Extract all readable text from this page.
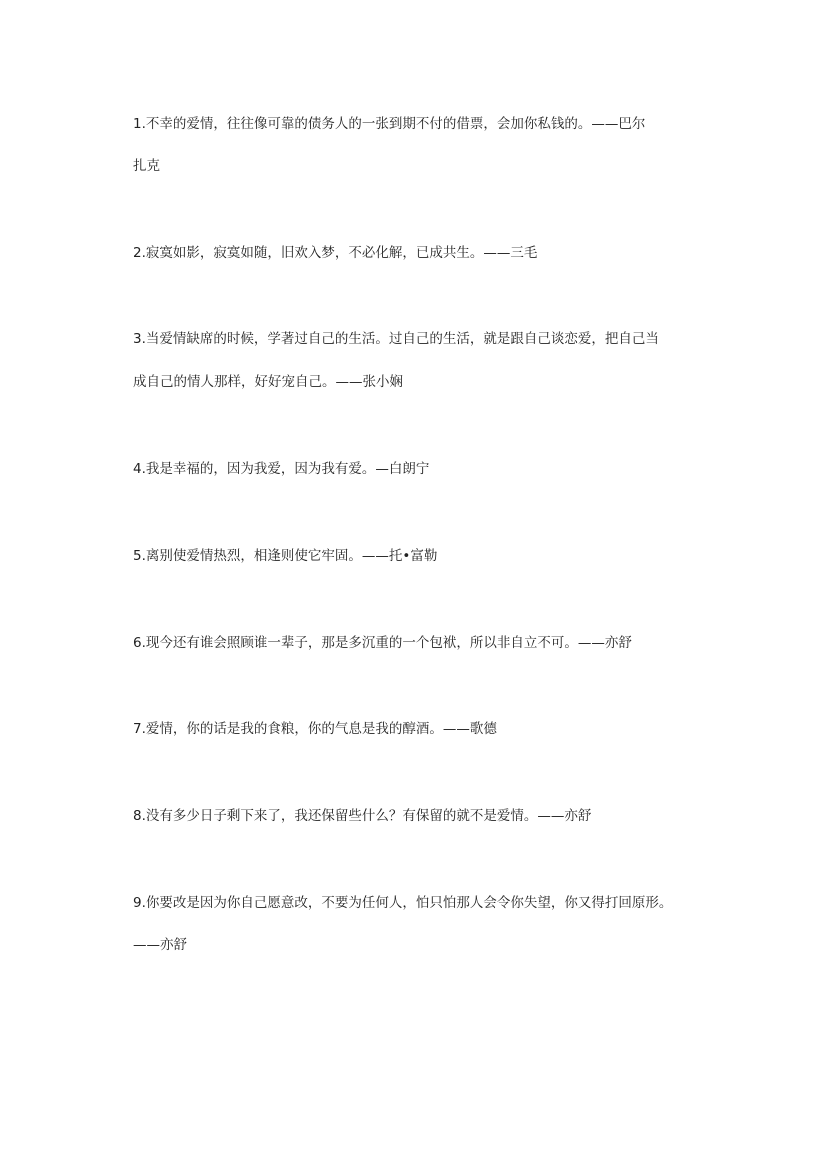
1.不幸的爱情，往往像可靠的债务人的一张到期不付的借票，会加你私钱的。——巴尔
扎克
2.寂寞如影，寂寞如随，旧欢入梦，不必化解，已成共生。——三毛
3.当爱情缺席的时候，学著过自己的生活。过自己的生活，就是跟自己谈恋爱，把自己当
成自己的情人那样，好好宠自己。——张小娴
4.我是幸福的，因为我爱，因为我有爱。—白朗宁
5.离别使爱情热烈，相逢则使它牢固。——托•富勒
6.现今还有谁会照顾谁一辈子，那是多沉重的一个包袱，所以非自立不可。——亦舒
7.爱情，你的话是我的食粮，你的气息是我的醇酒。——歌德
8.没有多少日子剩下来了，我还保留些什么？有保留的就不是爱情。——亦舒
9.你要改是因为你自己愿意改，不要为任何人，怕只怕那人会令你失望，你又得打回原形。
——亦舒
